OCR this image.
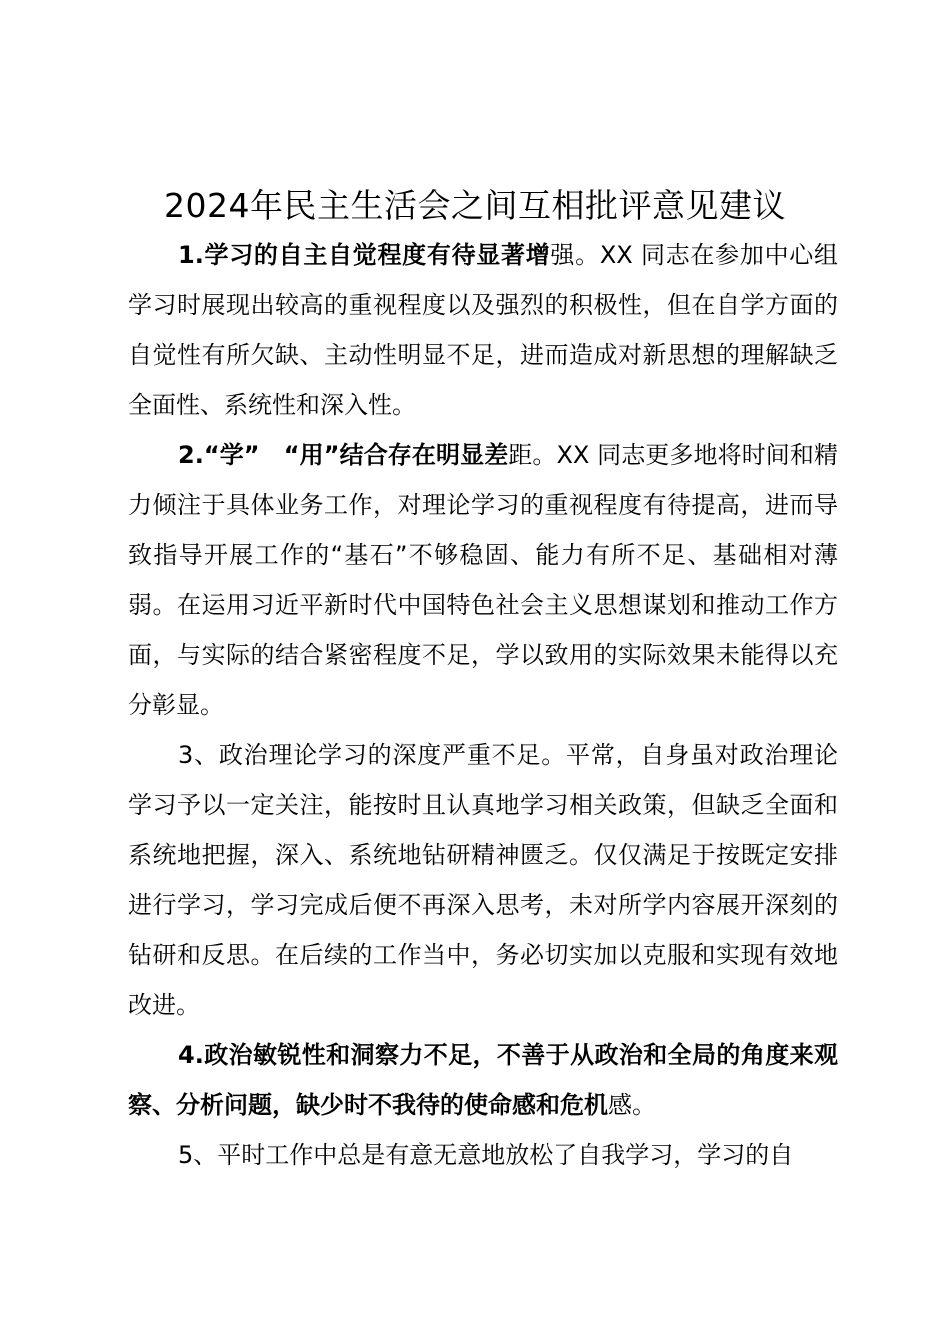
2024年民主生活会之间互相批评意见建议

1.学习的自主自觉程度有待显著增强。XX 同志在参加中心组学习时展现出较高的重视程度以及强烈的积极性，但在自学方面的自觉性有所欠缺、主动性明显不足，进而造成对新思想的理解缺乏全面性、系统性和深入性。

2.“学”　“用”结合存在明显差距。XX 同志更多地将时间和精力倾注于具体业务工作，对理论学习的重视程度有待提高，进而导致指导开展工作的“基石”不够稳固、能力有所不足、基础相对薄弱。在运用习近平新时代中国特色社会主义思想谋划和推动工作方面，与实际的结合紧密程度不足，学以致用的实际效果未能得以充分彰显。

3、政治理论学习的深度严重不足。平常，自身虽对政治理论学习予以一定关注，能按时且认真地学习相关政策，但缺乏全面和系统地把握，深入、系统地钻研精神匮乏。仅仅满足于按既定安排进行学习，学习完成后便不再深入思考，未对所学内容展开深刻的钻研和反思。在后续的工作当中，务必切实加以克服和实现有效地改进。

4.政治敏锐性和洞察力不足，不善于从政治和全局的角度来观察、分析问题，缺少时不我待的使命感和危机感。

5、平时工作中总是有意无意地放松了自我学习，学习的自
